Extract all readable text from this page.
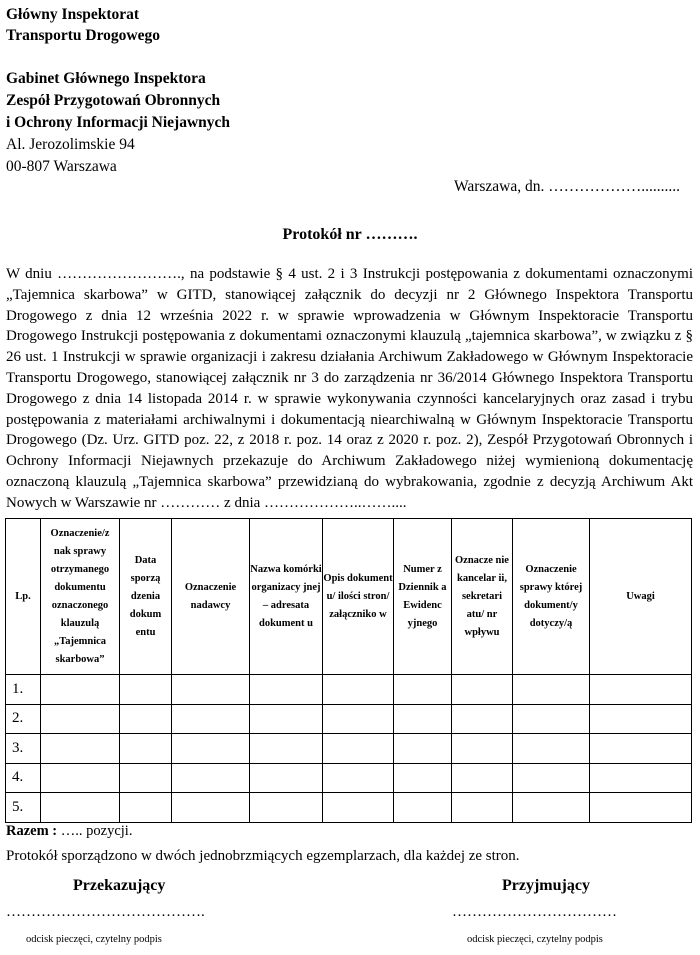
Główny Inspektorat
Transportu Drogowego
Gabinet Głównego Inspektora
Zespół Przygotowań Obronnych
i Ochrony Informacji Niejawnych
Al. Jerozolimskie 94
00-807 Warszawa
Warszawa, dn. ………………..........
Protokół nr ……….
W dniu ……………………., na podstawie § 4 ust. 2 i 3 Instrukcji postępowania z dokumentami oznaczonymi „Tajemnica skarbowa” w GITD, stanowiącej załącznik do decyzji nr 2 Głównego Inspektora Transportu Drogowego z dnia 12 września 2022 r. w sprawie wprowadzenia w Głównym Inspektoracie Transportu Drogowego Instrukcji postępowania z dokumentami oznaczonymi klauzulą „tajemnica skarbowa”, w związku z § 26 ust. 1 Instrukcji w sprawie organizacji i zakresu działania Archiwum Zakładowego w Głównym Inspektoracie Transportu Drogowego, stanowiącej załącznik nr 3 do zarządzenia nr 36/2014 Głównego Inspektora Transportu Drogowego z dnia 14 listopada 2014 r. w sprawie wykonywania czynności kancelaryjnych oraz zasad i trybu postępowania z materiałami archiwalnymi i dokumentacją niearchiwalną w Głównym Inspektoracie Transportu Drogowego (Dz. Urz. GITD poz. 22, z 2018 r. poz. 14 oraz z 2020 r. poz. 2), Zespół Przygotowań Obronnych i Ochrony Informacji Niejawnych przekazuje do Archiwum Zakładowego niżej wymienioną dokumentację oznaczoną klauzulą „Tajemnica skarbowa” przewidzianą do wybrakowania, zgodnie z decyzją Archiwum Akt Nowych w Warszawie nr ………… z dnia ………………..……....
Lp.	Oznaczenie/z nak sprawy otrzymanego dokumentu oznaczonego klauzulą „Tajemnica skarbowa”	Data sporzą dzenia dokum entu	Oznaczenie nadawcy	Nazwa komórki organizacy jnej – adresata dokument u	Opis dokument u/ ilości stron/ załączniko w	Numer z Dziennik a Ewidenc yjnego	Oznacze nie kancelar ii, sekretari atu/ nr wpływu	Oznaczenie sprawy której dokument/y dotyczy/ą	Uwagi
1.									
2.									
3.									
4.									
5.									
Razem : ….. pozycji.
Protokół sporządzono w dwóch jednobrzmiących egzemplarzach, dla każdej ze stron.
Przekazujący	Przyjmujący
………………………………….	……………………………
odcisk pieczęci, czytelny podpis	odcisk pieczęci, czytelny podpis
